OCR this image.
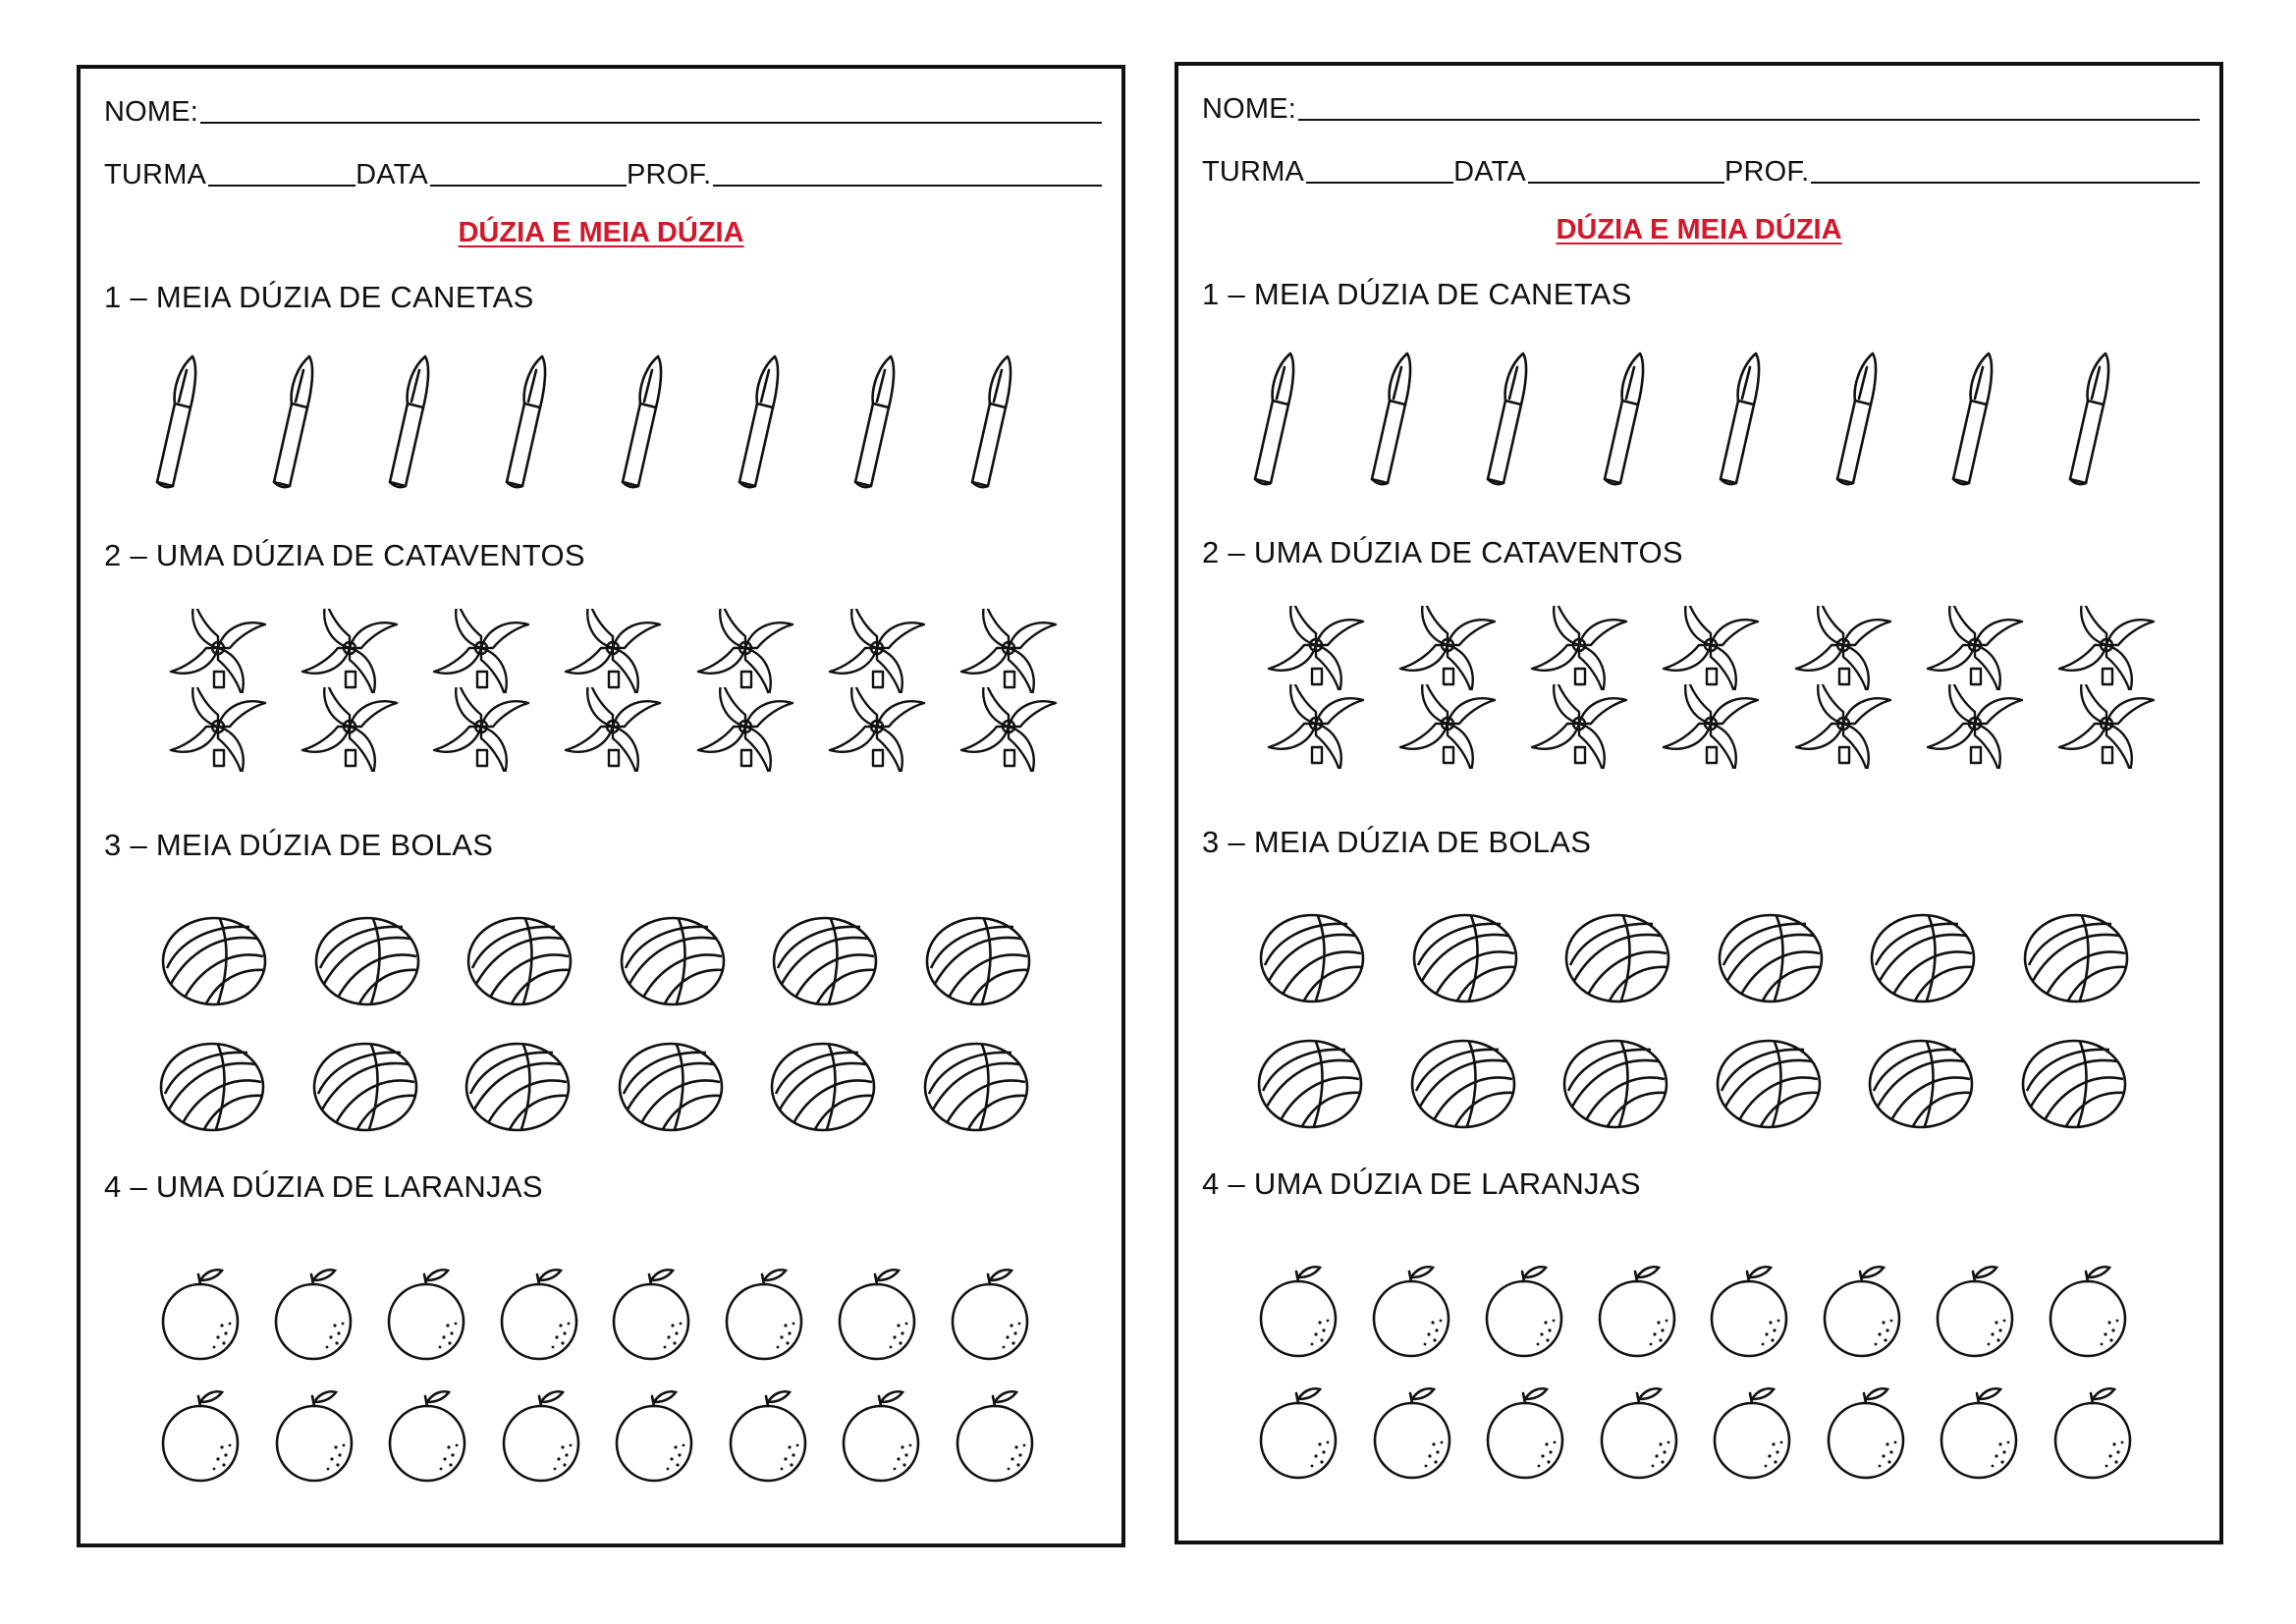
NOME:
TURMA	DATA	PROF.
DÚZIA E MEIA DÚZIA
1 – MEIA DÚZIA DE CANETAS
2 – UMA DÚZIA DE CATAVENTOS
3 – MEIA DÚZIA DE BOLAS
4 – UMA DÚZIA DE LARANJAS
NOME:
TURMA	DATA	PROF.
DÚZIA E MEIA DÚZIA
1 – MEIA DÚZIA DE CANETAS
2 – UMA DÚZIA DE CATAVENTOS
3 – MEIA DÚZIA DE BOLAS
4 – UMA DÚZIA DE LARANJAS
